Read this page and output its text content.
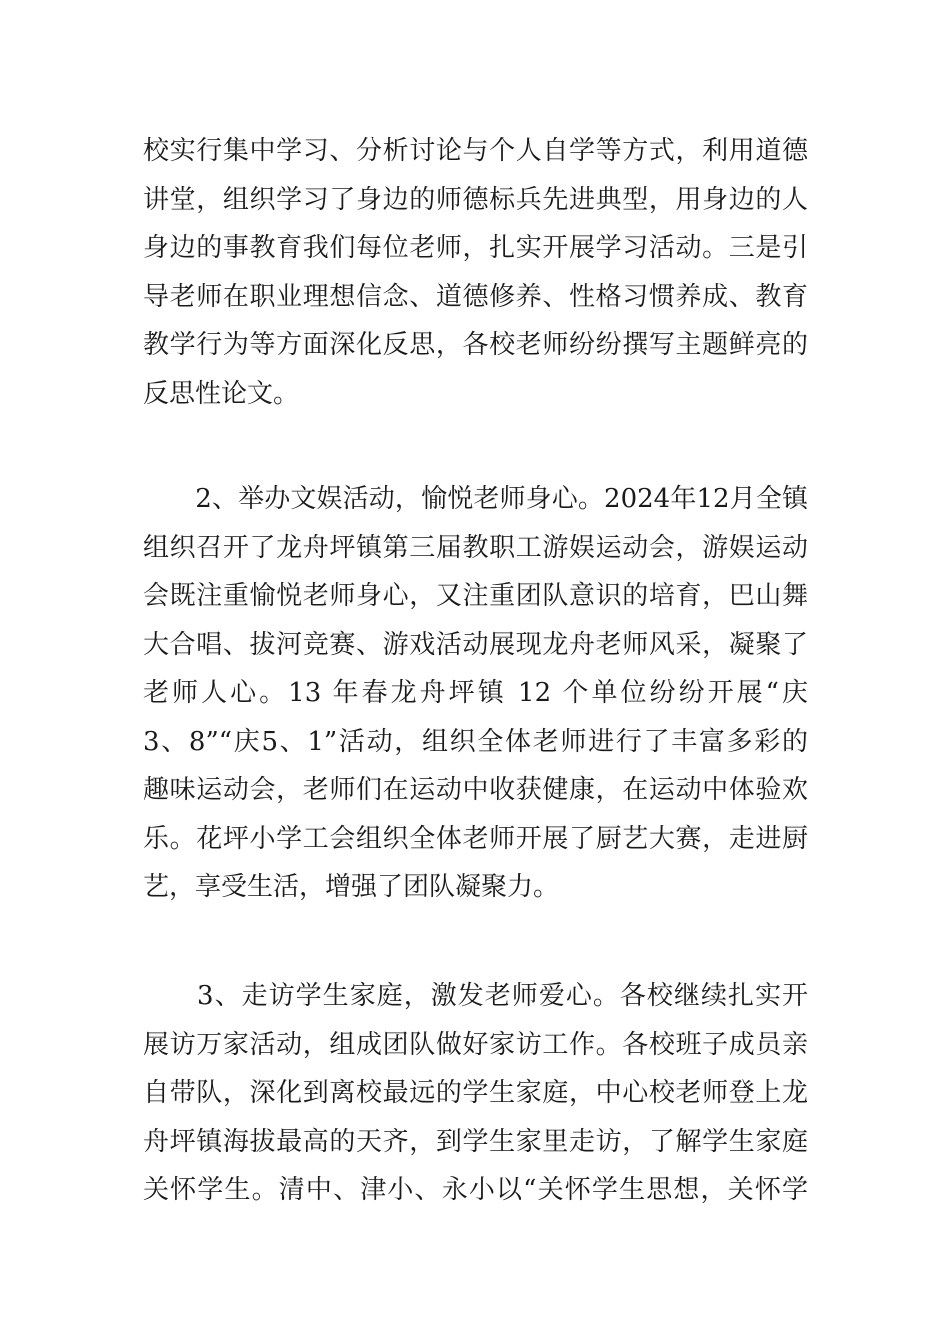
校实行集中学习、分析讨论与个人自学等方式，利用道德
讲堂，组织学习了身边的师德标兵先进典型，用身边的人
身边的事教育我们每位老师，扎实开展学习活动。三是引
导老师在职业理想信念、道德修养、性格习惯养成、教育
教学行为等方面深化反思，各校老师纷纷撰写主题鲜亮的
反思性论文。
　　2、举办文娱活动，愉悦老师身心。2024年12月全镇
组织召开了龙舟坪镇第三届教职工游娱运动会，游娱运动
会既注重愉悦老师身心，又注重团队意识的培育，巴山舞
大合唱、拔河竞赛、游戏活动展现龙舟老师风采，凝聚了
老师人心。13 年春龙舟坪镇 12 个单位纷纷开展“庆
3、8”“庆5、1”活动，组织全体老师进行了丰富多彩的
趣味运动会，老师们在运动中收获健康，在运动中体验欢
乐。花坪小学工会组织全体老师开展了厨艺大赛，走进厨
艺，享受生活，增强了团队凝聚力。
　　3、走访学生家庭，激发老师爱心。各校继续扎实开
展访万家活动，组成团队做好家访工作。各校班子成员亲
自带队，深化到离校最远的学生家庭，中心校老师登上龙
舟坪镇海拔最高的天齐，到学生家里走访，了解学生家庭
关怀学生。清中、津小、永小以“关怀学生思想，关怀学
